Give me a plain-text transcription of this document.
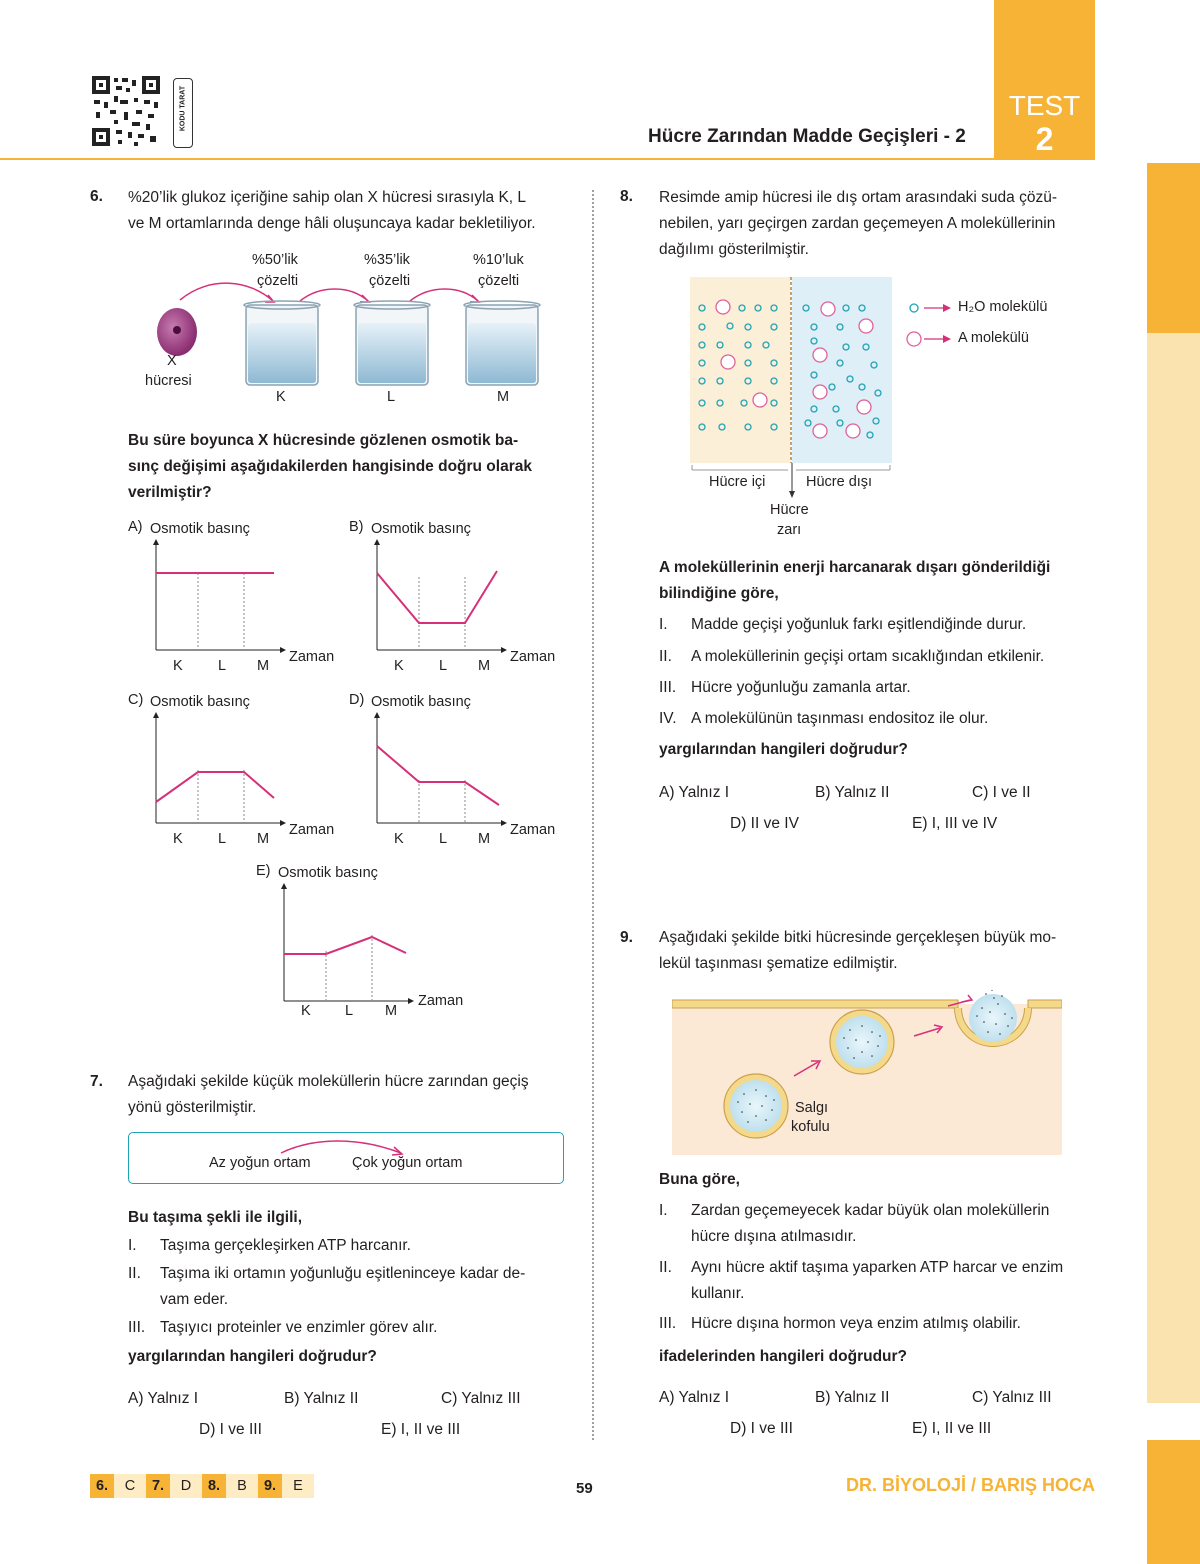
KODU TARAT
Hücre Zarından Madde Geçişleri - 2
TEST
2
6. %20’lik glukoz içeriğine sahip olan X hücresi sırasıyla K, L
ve M ortamlarında denge hâli oluşuncaya kadar bekletiliyor.
%50’lik
çözelti
%35’lik
çözelti
%10’luk
çözelti
X
hücresi
K	L	M
Bu süre boyunca X hücresinde gözlenen osmotik ba-
sınç değişimi aşağıdakilerden hangisinde doğru olarak
verilmiştir?
A) Osmotik basınç
K L M
Zaman
B) Osmotik basınç
K L M
Zaman
C) Osmotik basınç
K L M
Zaman
D) Osmotik basınç
K L M
Zaman
E) Osmotik basınç
K L M
Zaman
7. Aşağıdaki şekilde küçük moleküllerin hücre zarından geçiş
yönü gösterilmiştir.
Az yoğun ortam	Çok yoğun ortam
Bu taşıma şekli ile ilgili,
I. Taşıma gerçekleşirken ATP harcanır.
II. Taşıma iki ortamın yoğunluğu eşitleninceye kadar de-
vam eder.
III. Taşıyıcı proteinler ve enzimler görev alır.
yargılarından hangileri doğrudur?
A) Yalnız I	B) Yalnız II	C) Yalnız III
D) I ve III	E) I, II ve III
8. Resimde amip hücresi ile dış ortam arasındaki suda çözü-
nebilen, yarı geçirgen zardan geçemeyen A moleküllerinin
dağılımı gösterilmiştir.
H₂O molekülü
A molekülü
Hücre içi	Hücre dışı
Hücre
zarı
A moleküllerinin enerji harcanarak dışarı gönderildiği
bilindiğine göre,
I. Madde geçişi yoğunluk farkı eşitlendiğinde durur.
II. A moleküllerinin geçişi ortam sıcaklığından etkilenir.
III. Hücre yoğunluğu zamanla artar.
IV. A molekülünün taşınması endositoz ile olur.
yargılarından hangileri doğrudur?
A) Yalnız I	B) Yalnız II	C) I ve II
D) II ve IV	E) I, III ve IV
9. Aşağıdaki şekilde bitki hücresinde gerçekleşen büyük mo-
lekül taşınması şematize edilmiştir.
Salgı
kofulu
Buna göre,
I. Zardan geçemeyecek kadar büyük olan moleküllerin
hücre dışına atılmasıdır.
II. Aynı hücre aktif taşıma yaparken ATP harcar ve enzim
kullanır.
III. Hücre dışına hormon veya enzim atılmış olabilir.
ifadelerinden hangileri doğrudur?
A) Yalnız I	B) Yalnız II	C) Yalnız III
D) I ve III	E) I, II ve III
6.	C	7.	D	8.	B	9.	E	59	DR. BİYOLOJİ / BARIŞ HOCA
